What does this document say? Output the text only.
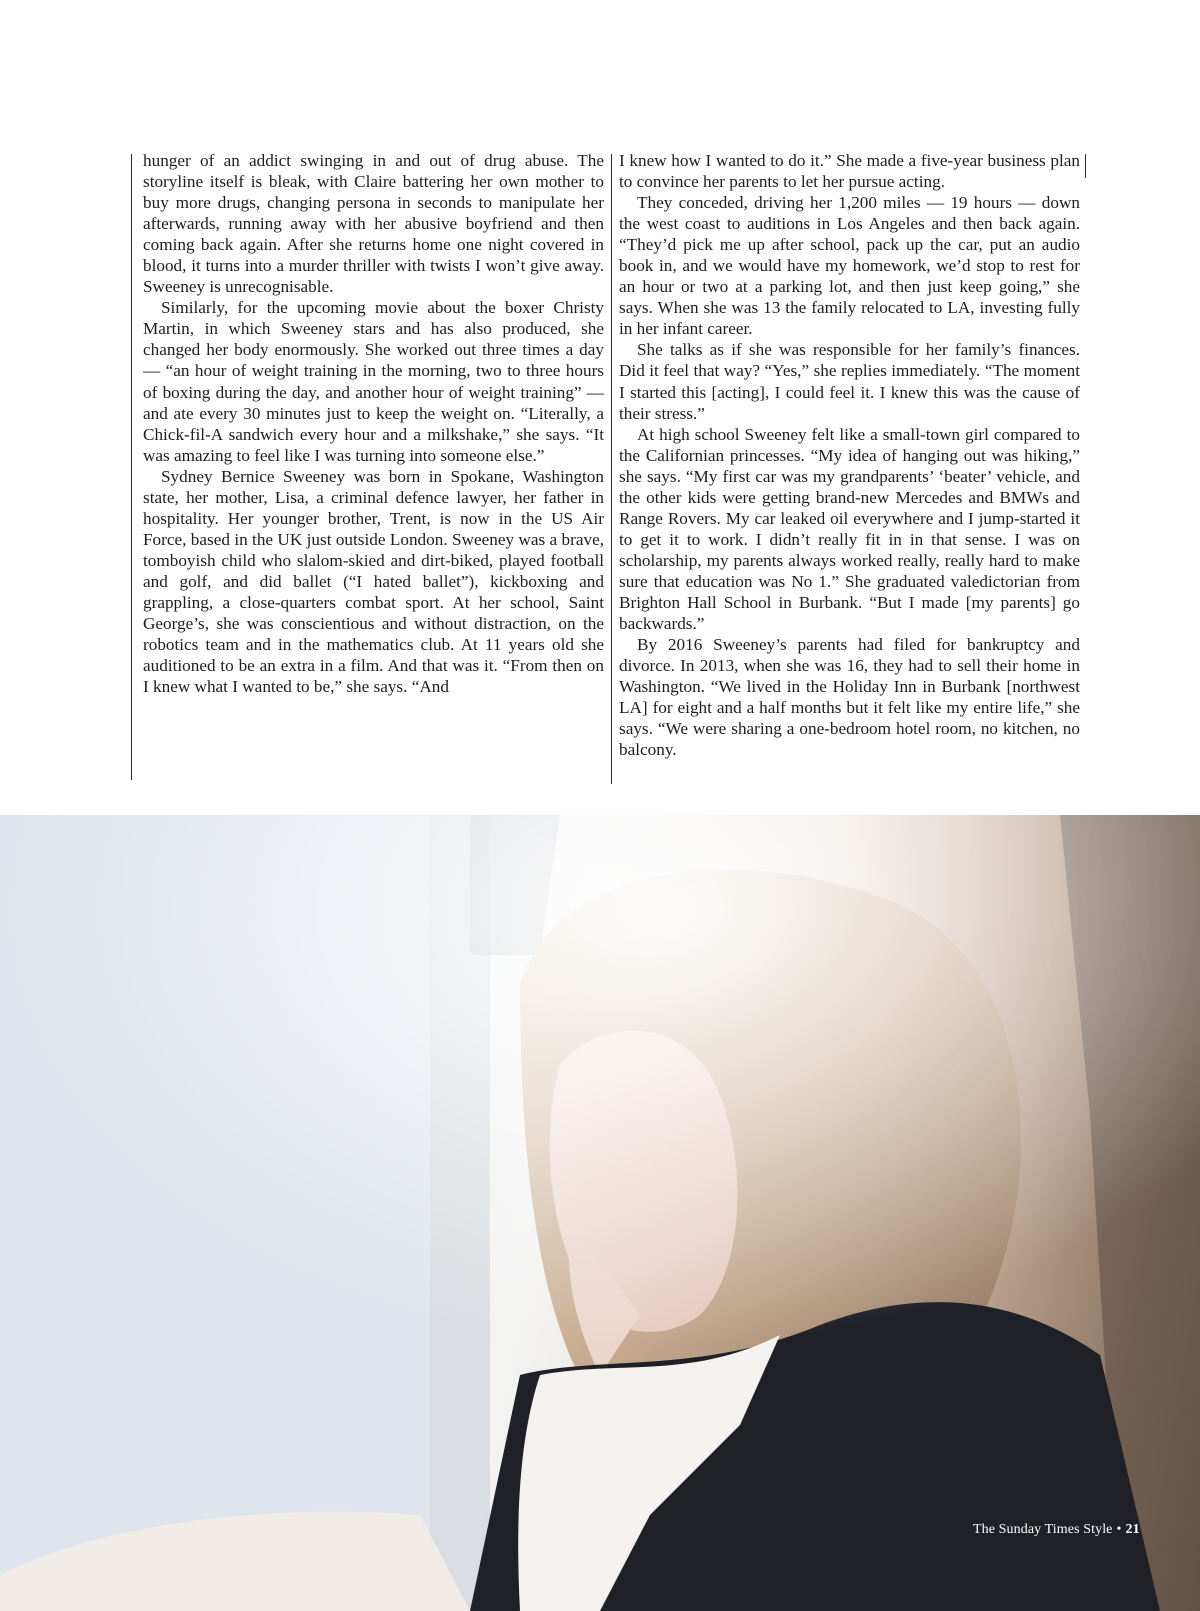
hunger of an addict swinging in and out of drug abuse. The storyline itself is bleak, with Claire battering her own mother to buy more drugs, changing persona in seconds to manipulate her afterwards, running away with her abusive boyfriend and then coming back again. After she returns home one night covered in blood, it turns into a murder thriller with twists I won’t give away. Sweeney is unrecognisable.

Similarly, for the upcoming movie about the boxer Christy Martin, in which Sweeney stars and has also produced, she changed her body enormously. She worked out three times a day — “an hour of weight training in the morning, two to three hours of boxing during the day, and another hour of weight training” — and ate every 30 minutes just to keep the weight on. “Literally, a Chick-fil-A sandwich every hour and a milkshake,” she says. “It was amazing to feel like I was turning into someone else.”

Sydney Bernice Sweeney was born in Spokane, Washington state, her mother, Lisa, a criminal defence lawyer, her father in hospitality. Her younger brother, Trent, is now in the US Air Force, based in the UK just outside London. Sweeney was a brave, tomboyish child who slalom-skied and dirt-biked, played football and golf, and did ballet (“I hated ballet”), kickboxing and grappling, a close-quarters combat sport. At her school, Saint George’s, she was conscientious and without distraction, on the robotics team and in the mathematics club. At 11 years old she auditioned to be an extra in a film. And that was it. “From then on I knew what I wanted to be,” she says. “And

I knew how I wanted to do it.” She made a five-year business plan to convince her parents to let her pursue acting.

They conceded, driving her 1,200 miles — 19 hours — down the west coast to auditions in Los Angeles and then back again. “They’d pick me up after school, pack up the car, put an audio book in, and we would have my homework, we’d stop to rest for an hour or two at a parking lot, and then just keep going,” she says. When she was 13 the family relocated to LA, investing fully in her infant career.

She talks as if she was responsible for her family’s finances. Did it feel that way? “Yes,” she replies immediately. “The moment I started this [acting], I could feel it. I knew this was the cause of their stress.”

At high school Sweeney felt like a small-town girl compared to the Californian princesses. “My idea of hanging out was hiking,” she says. “My first car was my grandparents’ ‘beater’ vehicle, and the other kids were getting brand-new Mercedes and BMWs and Range Rovers. My car leaked oil everywhere and I jump-started it to get it to work. I didn’t really fit in in that sense. I was on scholarship, my parents always worked really, really hard to make sure that education was No 1.” She graduated valedictorian from Brighton Hall School in Burbank. “But I made [my parents] go backwards.”

By 2016 Sweeney’s parents had filed for bankruptcy and divorce. In 2013, when she was 16, they had to sell their home in Washington. “We lived in the Holiday Inn in Burbank [northwest LA] for eight and a half months but it felt like my entire life,” she says. “We were sharing a one-bedroom hotel room, no kitchen, no balcony.

The Sunday Times Style • 21
